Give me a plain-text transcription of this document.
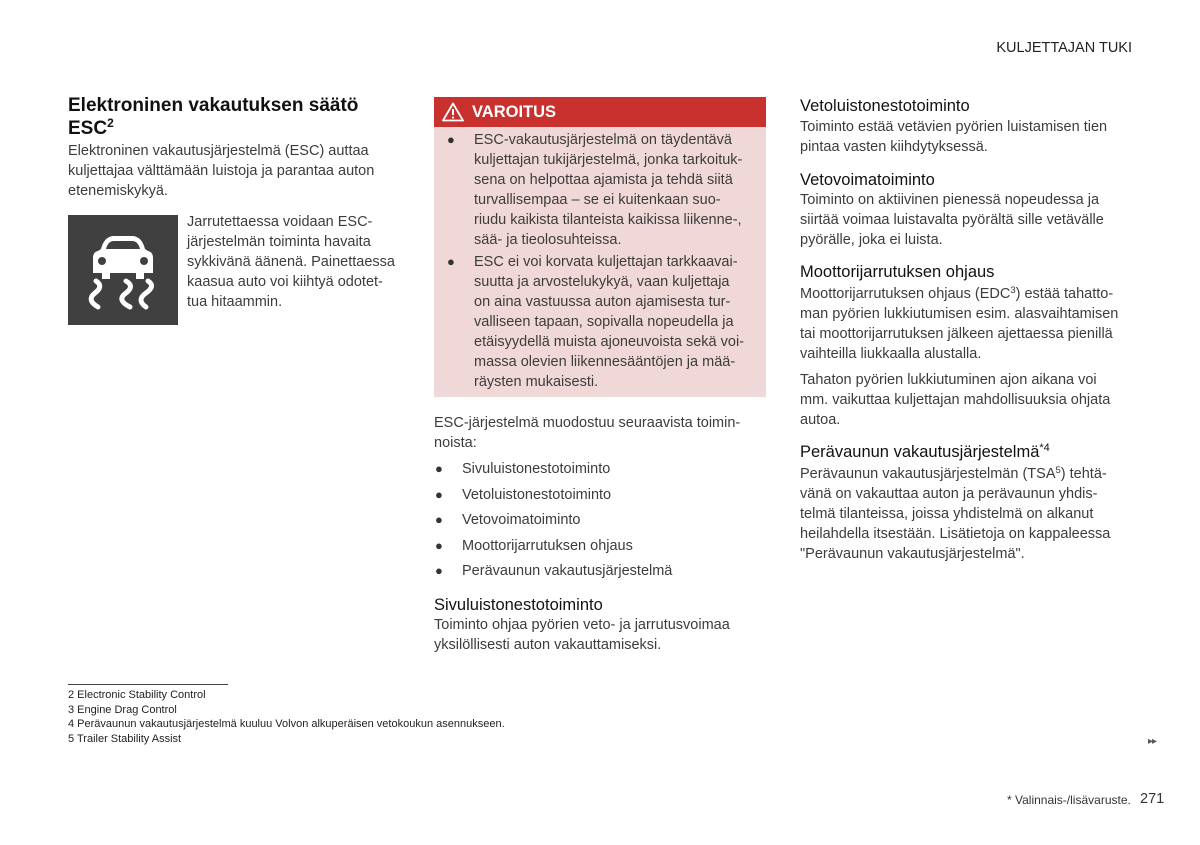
KULJETTAJAN TUKI
Elektroninen vakautuksen säätö
ESC$^2$
Elektroninen vakautusjärjestelmä (ESC) auttaa
kuljettajaa välttämään luistoja ja parantaa auton
etenemiskykyä.
Jarrutettaessa voidaan ESC-
järjestelmän toiminta havaita
sykkivänä äänenä. Painettaessa
kaasua auto voi kiihtyä odotet-
tua hitaammin.
VAROITUS
● ESC-vakautusjärjestelmä on täydentävä
kuljettajan tukijärjestelmä, jonka tarkoituk-
sena on helpottaa ajamista ja tehdä siitä
turvallisempaa – se ei kuitenkaan suo-
riudu kaikista tilanteista kaikissa liikenne-,
sää- ja tieolosuhteissa.
● ESC ei voi korvata kuljettajan tarkkaavai-
suutta ja arvostelukykyä, vaan kuljettaja
on aina vastuussa auton ajamisesta tur-
valliseen tapaan, sopivalla nopeudella ja
etäisyydellä muista ajoneuvoista sekä voi-
massa olevien liikennesääntöjen ja mää-
räysten mukaisesti.
ESC-järjestelmä muodostuu seuraavista toimin-
noista:
● Sivuluistonestotoiminto
● Vetoluistonestotoiminto
● Vetovoimatoiminto
● Moottorijarrutuksen ohjaus
● Perävaunun vakautusjärjestelmä
Sivuluistonestotoiminto
Toiminto ohjaa pyörien veto- ja jarrutusvoimaa
yksilöllisesti auton vakauttamiseksi.
Vetoluistonestotoiminto
Toiminto estää vetävien pyörien luistamisen tien
pintaa vasten kiihdytyksessä.
Vetovoimatoiminto
Toiminto on aktiivinen pienessä nopeudessa ja
siirtää voimaa luistavalta pyörältä sille vetävälle
pyörälle, joka ei luista.
Moottorijarrutuksen ohjaus
Moottorijarrutuksen ohjaus (EDC$^3$) estää tahatto-
man pyörien lukkiutumisen esim. alasvaihtamisen
tai moottorijarrutuksen jälkeen ajettaessa pienillä
vaihteilla liukkaalla alustalla.
Tahaton pyörien lukkiutuminen ajon aikana voi
mm. vaikuttaa kuljettajan mahdollisuuksia ohjata
autoa.
Perävaunun vakautusjärjestelmä$^{*4}$
Perävaunun vakautusjärjestelmän (TSA$^5$) tehtä-
vänä on vakauttaa auton ja perävaunun yhdis-
telmä tilanteissa, joissa yhdistelmä on alkanut
heilahdella itsestään. Lisätietoja on kappaleessa
"Perävaunun vakautusjärjestelmä".
2 Electronic Stability Control
3 Engine Drag Control
4 Perävaunun vakautusjärjestelmä kuuluu Volvon alkuperäisen vetokoukun asennukseen.
5 Trailer Stability Assist	▸▸
* Valinnais-/lisävaruste. 271
